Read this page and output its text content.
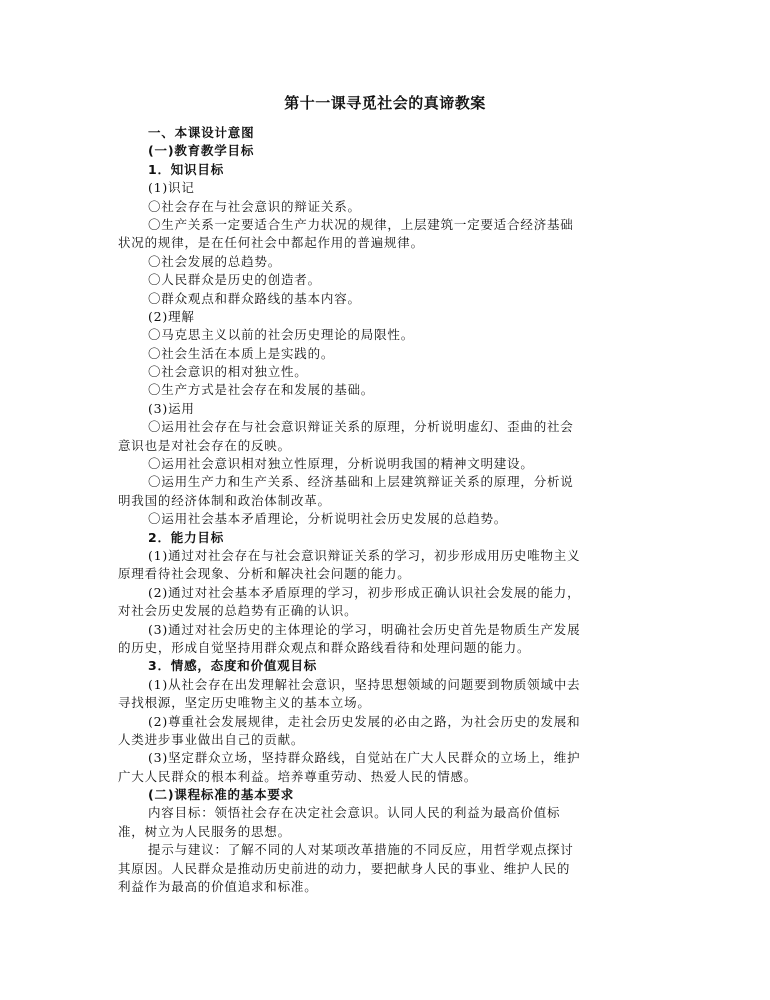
第十一课寻觅社会的真谛教案
一、本课设计意图
(一)教育教学目标
1．知识目标
(1)识记
〇社会存在与社会意识的辩证关系。
〇生产关系一定要适合生产力状况的规律，上层建筑一定要适合经济基础
状况的规律，是在任何社会中都起作用的普遍规律。
〇社会发展的总趋势。
〇人民群众是历史的创造者。
〇群众观点和群众路线的基本内容。
(2)理解
〇马克思主义以前的社会历史理论的局限性。
〇社会生活在本质上是实践的。
〇社会意识的相对独立性。
〇生产方式是社会存在和发展的基础。
(3)运用
〇运用社会存在与社会意识辩证关系的原理，分析说明虚幻、歪曲的社会
意识也是对社会存在的反映。
〇运用社会意识相对独立性原理，分析说明我国的精神文明建设。
〇运用生产力和生产关系、经济基础和上层建筑辩证关系的原理，分析说
明我国的经济体制和政治体制改革。
〇运用社会基本矛盾理论，分析说明社会历史发展的总趋势。
2．能力目标
(1)通过对社会存在与社会意识辩证关系的学习，初步形成用历史唯物主义
原理看待社会现象、分析和解决社会问题的能力。
(2)通过对社会基本矛盾原理的学习，初步形成正确认识社会发展的能力，
对社会历史发展的总趋势有正确的认识。
(3)通过对社会历史的主体理论的学习，明确社会历史首先是物质生产发展
的历史，形成自觉坚持用群众观点和群众路线看待和处理问题的能力。
3．情感，态度和价值观目标
(1)从社会存在出发理解社会意识，坚持思想领域的问题要到物质领域中去
寻找根源，坚定历史唯物主义的基本立场。
(2)尊重社会发展规律，走社会历史发展的必由之路，为社会历史的发展和
人类进步事业做出自己的贡献。
(3)坚定群众立场，坚持群众路线，自觉站在广大人民群众的立场上，维护
广大人民群众的根本利益。培养尊重劳动、热爱人民的情感。
(二)课程标准的基本要求
内容目标：领悟社会存在决定社会意识。认同人民的利益为最高价值标
准，树立为人民服务的思想。
提示与建议：了解不同的人对某项改革措施的不同反应，用哲学观点探讨
其原因。人民群众是推动历史前进的动力，要把献身人民的事业、维护人民的
利益作为最高的价值追求和标准。
